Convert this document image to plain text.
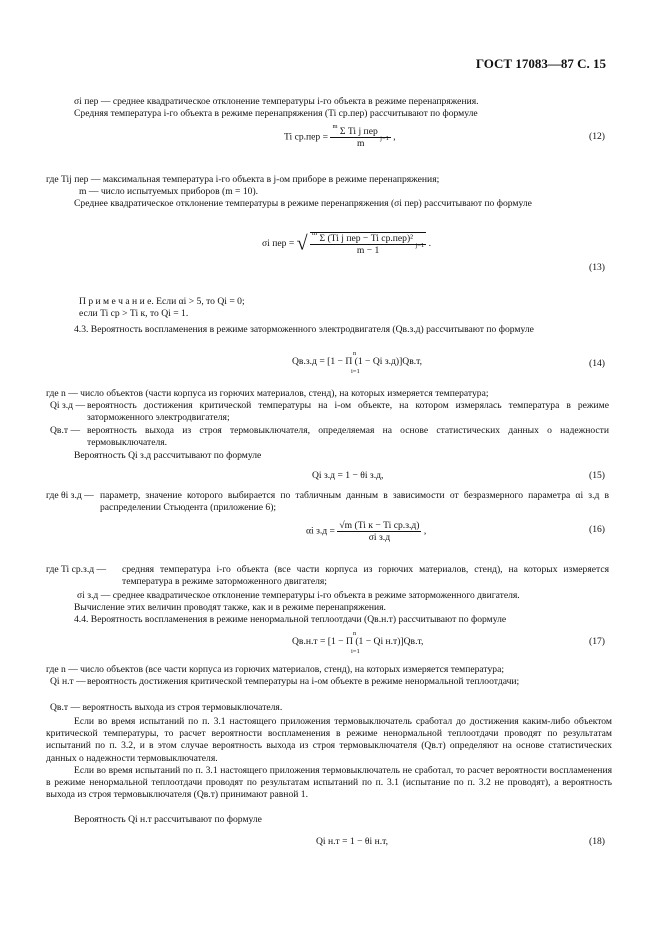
ГОСТ 17083—87 С. 15

σi пер — среднее квадратическое отклонение температуры i-го объекта в режиме перенапряжения.

Средняя температура i-го объекта в режиме перенапряжения (Ti ср.пер) рассчитывают по формуле

Ti $ср.пер = \frac{^m \Sigma Ti j пер _{j=1}}{m}$ ,	(12)

где Tij пер — максимальная температура i-го объекта в j-ом приборе в режиме перенапряжения;

m — число испытуемых приборов (m = 10).

Среднее квадратическое отклонение температуры в режиме перенапряжения (σi пер) рассчитывают по формуле

σi пер = √ $\frac{^m \Sigma (Ti j пер - Ti ср.пер)^2 _{j=1}}{m - 1}$ .
(13)

П р и м е ч а н и е. Если αi > 5, то Qi = 0;

если Ti ср > Ti к, то Qi = 1.

4.3. Вероятность воспламенения в режиме заторможенного электродвигателя (Qв.з.д) рассчитывают по формуле

Qв.з.д = [1 − Π (1 − Qi з.д)]Qв.т,
n
i=1
(14)

где n — число объектов (части корпуса из горючих материалов, стенд), на которых измеряется температура;

Qi з.д — вероятность достижения критической температуры на i-ом объекте, на котором измерялась температура в режиме заторможенного электродвигателя;
Qв.т — вероятность выхода из строя термовыключателя, определяемая на основе статистических данных о надежности термовыключателя.

Вероятность Qi з.д рассчитывают по формуле

Qi з.д = 1 − θi з.д,	(15)
где θi з.д — параметр, значение которого выбирается по табличным данным в зависимости от безразмерного параметра αi з.д в распределении Стьюдента (приложение 6);
αi $з.д = \frac{\text{√m (Ti к − Ti ср.з.д)}}{\text{σi з.д}}$ ,	(16)
где Ti ср.з.д — средняя температура i-го объекта (все части корпуса из горючих материалов, стенд), на которых измеряется температура в режиме заторможенного двигателя;

σi з.д — среднее квадратическое отклонение температуры i-го объекта в режиме заторможенного двигателя.

Вычисление этих величин проводят также, как и в режиме перенапряжения.

4.4. Вероятность воспламенения в режиме ненормальной теплоотдачи (Qв.н.т) рассчитывают по формуле

Qв.н.т = [1 − Π (1 − Qi н.т)]Qв.т,
n
i=1
(17)

где n — число объектов (все части корпуса из горючих материалов, стенд), на которых измеряется температура;

Qi н.т — вероятность достижения критической температуры на i-ом объекте в режиме ненормальной теплоотдачи;

Qв.т — вероятность выхода из строя термовыключателя.

Если во время испытаний по п. 3.1 настоящего приложения термовыключатель сработал до достижения каким-либо объектом критической температуры, то расчет вероятности воспламенения в режиме ненормальной теплоотдачи проводят по результатам испытаний по п. 3.2, и в этом случае вероятность выхода из строя термовыключателя (Qв.т) определяют на основе статистических данных о надежности термовыключателя.

Если во время испытаний по п. 3.1 настоящего приложения термовыключатель не сработал, то расчет вероятности воспламенения в режиме ненормальной теплоотдачи проводят по результатам испытаний по п. 3.1 (испытание по п. 3.2 не проводят), а вероятность выхода из строя термовыключателя (Qв.т) принимают равной 1.

Вероятность Qi н.т рассчитывают по формуле

Qi н.т = 1 − θi н.т,	(18)
